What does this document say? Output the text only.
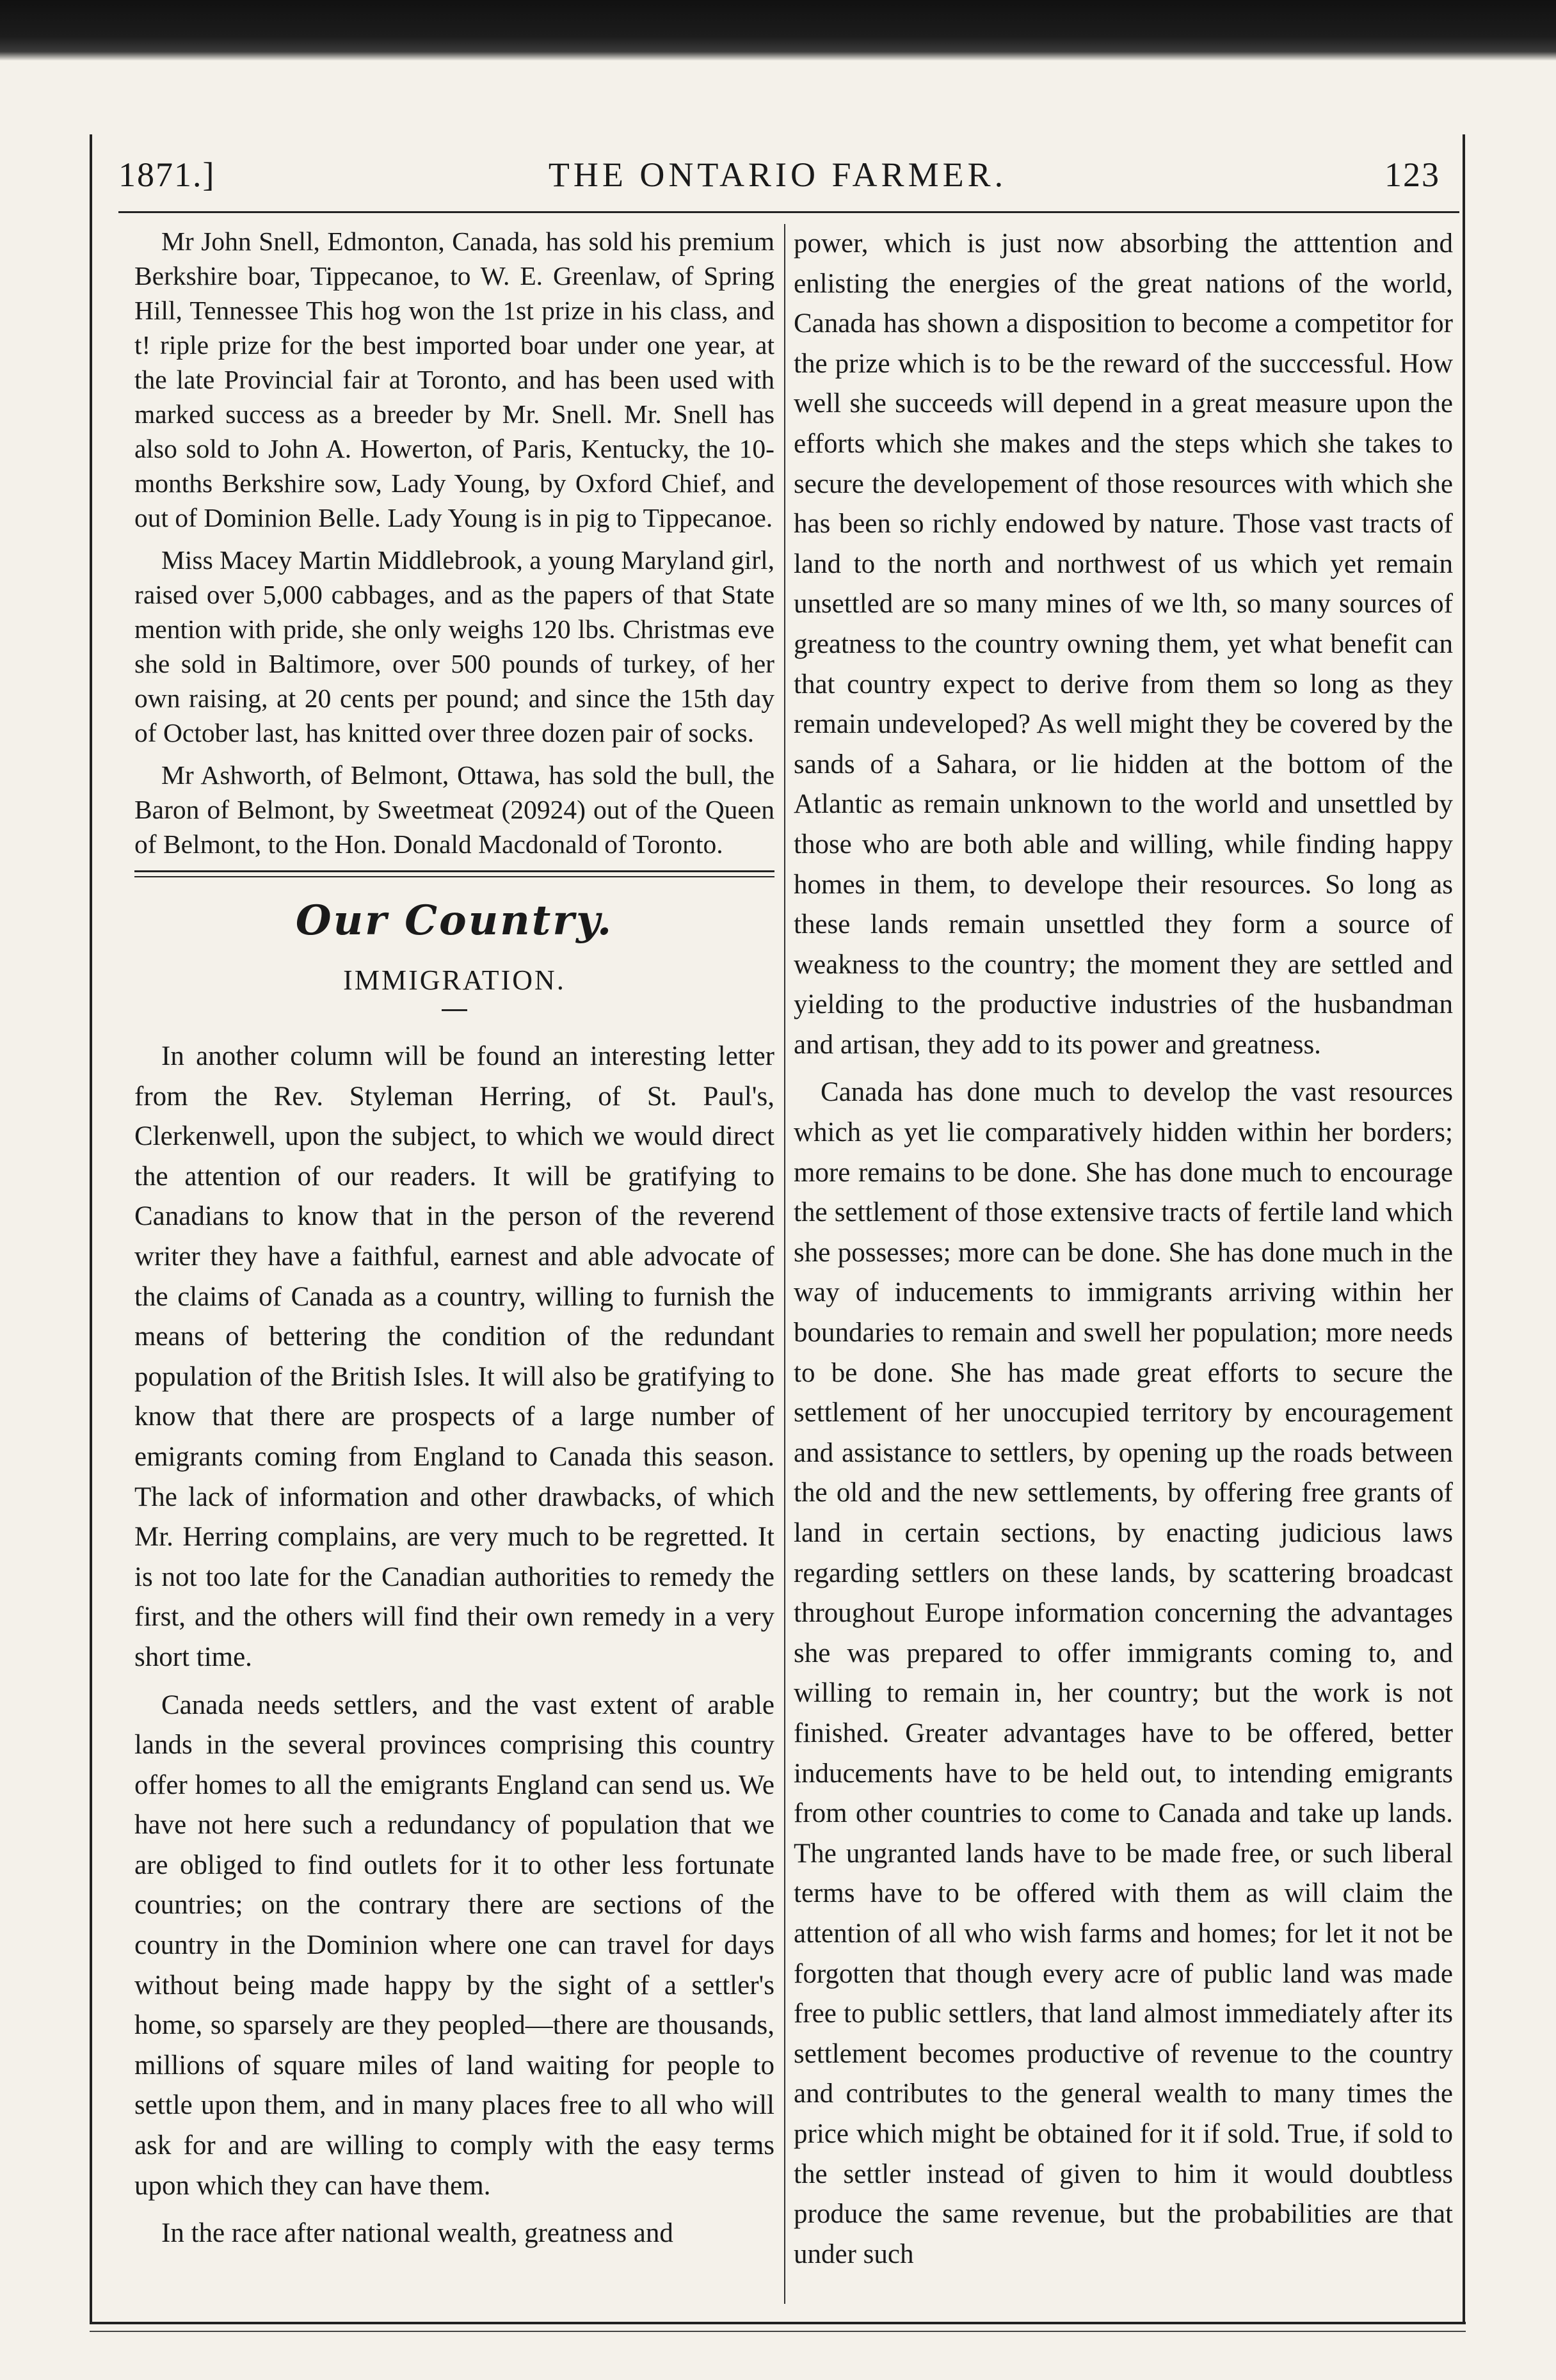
1871.]	THE ONTARIO FARMER.	123

Mr John Snell, Edmonton, Canada, has sold his premium Berkshire boar, Tippecanoe, to W. E. Greenlaw, of Spring Hill, Tennessee This hog won the 1st prize in his class, and t! riple prize for the best imported boar under one year, at the late Provincial fair at Toronto, and has been used with marked success as a breeder by Mr. Snell. Mr. Snell has also sold to John A. Howerton, of Paris, Kentucky, the 10-months Berkshire sow, Lady Young, by Oxford Chief, and out of Dominion Belle. Lady Young is in pig to Tippecanoe.

Miss Macey Martin Middlebrook, a young Maryland girl, raised over 5,000 cabbages, and as the papers of that State mention with pride, she only weighs 120 lbs. Christmas eve she sold in Baltimore, over 500 pounds of turkey, of her own raising, at 20 cents per pound; and since the 15th day of October last, has knitted over three dozen pair of socks.

Mr Ashworth, of Belmont, Ottawa, has sold the bull, the Baron of Belmont, by Sweetmeat (20924) out of the Queen of Belmont, to the Hon. Donald Macdonald of Toronto.

Our Country.
IMMIGRATION.

In another column will be found an interesting letter from the Rev. Styleman Herring, of St. Paul's, Clerkenwell, upon the subject, to which we would direct the attention of our readers. It will be gratifying to Canadians to know that in the person of the reverend writer they have a faithful, earnest and able advocate of the claims of Canada as a country, willing to furnish the means of bettering the condition of the redundant population of the British Isles. It will also be gratifying to know that there are prospects of a large number of emigrants coming from England to Canada this season. The lack of information and other drawbacks, of which Mr. Herring complains, are very much to be regretted. It is not too late for the Canadian authorities to remedy the first, and the others will find their own remedy in a very short time.

Canada needs settlers, and the vast extent of arable lands in the several provinces comprising this country offer homes to all the emigrants England can send us. We have not here such a redundancy of population that we are obliged to find outlets for it to other less fortunate countries; on the contrary there are sections of the country in the Dominion where one can travel for days without being made happy by the sight of a settler's home, so sparsely are they peopled—there are thousands, millions of square miles of land waiting for people to settle upon them, and in many places free to all who will ask for and are willing to comply with the easy terms upon which they can have them.

In the race after national wealth, greatness and

power, which is just now absorbing the atttention and enlisting the energies of the great nations of the world, Canada has shown a disposition to become a competitor for the prize which is to be the reward of the succcessful. How well she succeeds will depend in a great measure upon the efforts which she makes and the steps which she takes to secure the developement of those resources with which she has been so richly endowed by nature. Those vast tracts of land to the north and northwest of us which yet remain unsettled are so many mines of we lth, so many sources of greatness to the country owning them, yet what benefit can that country expect to derive from them so long as they remain undeveloped? As well might they be covered by the sands of a Sahara, or lie hidden at the bottom of the Atlantic as remain unknown to the world and unsettled by those who are both able and willing, while finding happy homes in them, to develope their resources. So long as these lands remain unsettled they form a source of weakness to the country; the moment they are settled and yielding to the productive industries of the husbandman and artisan, they add to its power and greatness.

Canada has done much to develop the vast resources which as yet lie comparatively hidden within her borders; more remains to be done. She has done much to encourage the settlement of those extensive tracts of fertile land which she possesses; more can be done. She has done much in the way of inducements to immigrants arriving within her boundaries to remain and swell her population; more needs to be done. She has made great efforts to secure the settlement of her unoccupied territory by encouragement and assistance to settlers, by opening up the roads between the old and the new settlements, by offering free grants of land in certain sections, by enacting judicious laws regarding settlers on these lands, by scattering broadcast throughout Europe information concerning the advantages she was prepared to offer immigrants coming to, and willing to remain in, her country; but the work is not finished. Greater advantages have to be offered, better inducements have to be held out, to intending emigrants from other countries to come to Canada and take up lands. The ungranted lands have to be made free, or such liberal terms have to be offered with them as will claim the attention of all who wish farms and homes; for let it not be forgotten that though every acre of public land was made free to public settlers, that land almost immediately after its settlement becomes productive of revenue to the country and contributes to the general wealth to many times the price which might be obtained for it if sold. True, if sold to the settler instead of given to him it would doubtless produce the same revenue, but the probabilities are that under such
